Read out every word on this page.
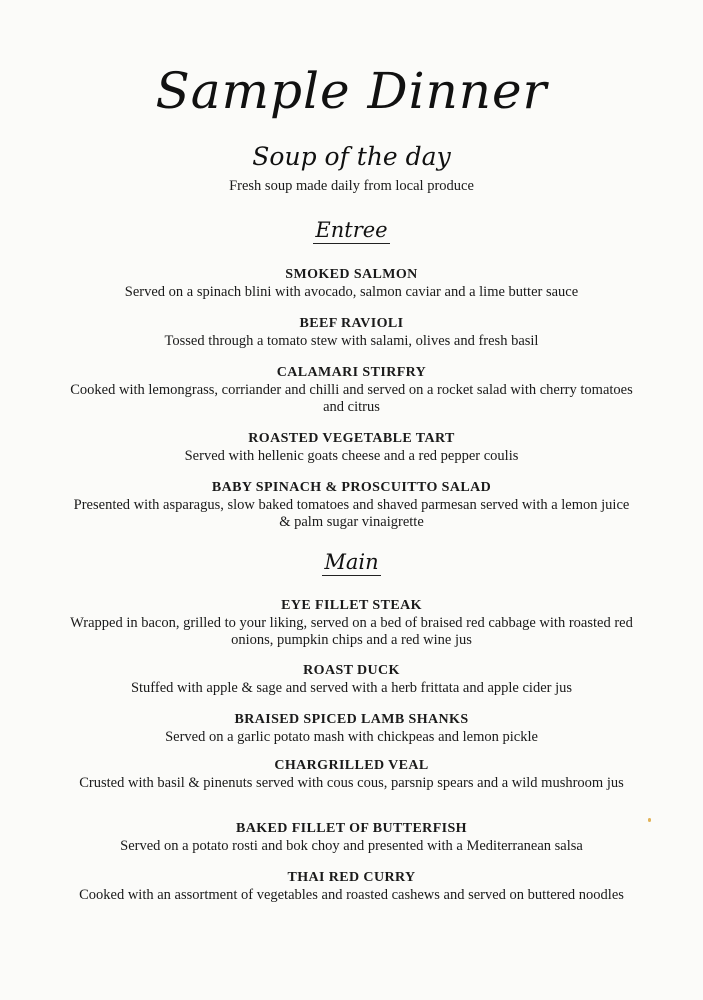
Sample Dinner
Soup of the day
Fresh soup made daily from local produce
Entree
SMOKED SALMON
Served on a spinach blini with avocado, salmon caviar and a lime butter sauce
BEEF RAVIOLI
Tossed through a tomato stew with salami, olives and fresh basil
CALAMARI STIRFRY
Cooked with lemongrass, corriander and chilli and served on a rocket salad with cherry tomatoes and citrus
ROASTED VEGETABLE TART
Served with hellenic goats cheese and a red pepper coulis
BABY SPINACH & PROSCUITTO SALAD
Presented with asparagus, slow baked tomatoes and shaved parmesan served with a lemon juice & palm sugar vinaigrette
Main
EYE FILLET STEAK
Wrapped in bacon, grilled to your liking, served on a bed of braised red cabbage with roasted red onions, pumpkin chips and a red wine jus
ROAST DUCK
Stuffed with apple & sage and served with a herb frittata and apple cider jus
BRAISED SPICED LAMB SHANKS
Served on a garlic potato mash with chickpeas and lemon pickle
CHARGRILLED VEAL
Crusted with basil & pinenuts served with cous cous, parsnip spears and a wild mushroom jus
BAKED FILLET OF BUTTERFISH
Served on a potato rosti and bok choy and presented with a Mediterranean salsa
THAI RED CURRY
Cooked with an assortment of vegetables and roasted cashews and served on buttered noodles
